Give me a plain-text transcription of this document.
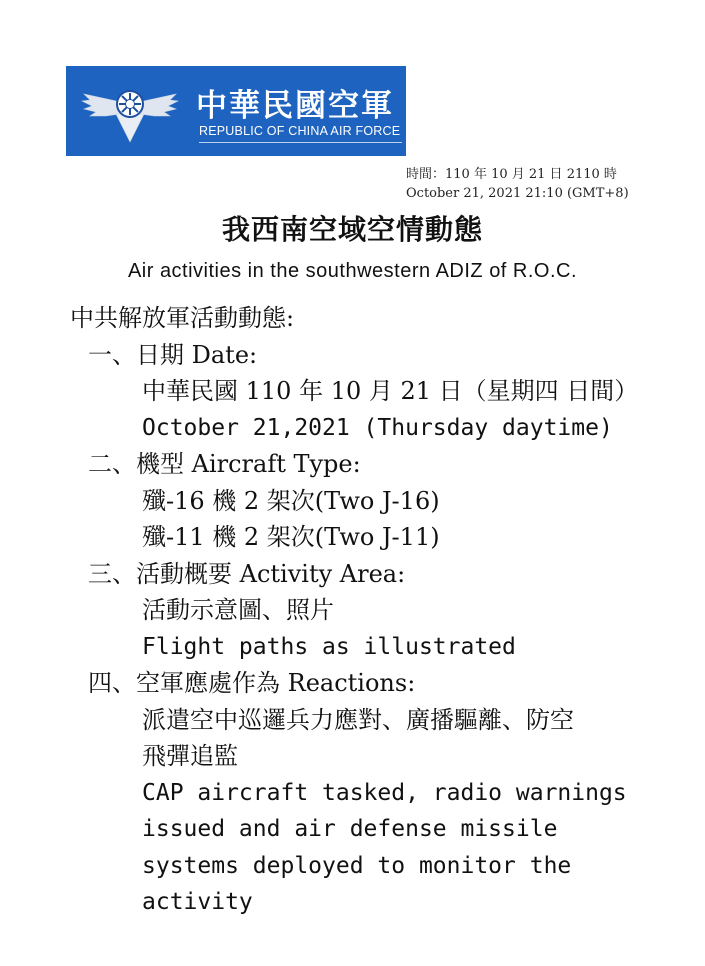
中華民國空軍
REPUBLIC OF CHINA AIR FORCE
時間：110 年 10 月 21 日 2110 時
October 21, 2021 21:10 (GMT+8)
我西南空域空情動態
Air activities in the southwestern ADIZ of R.O.C.
中共解放軍活動動態:
一、日期 Date:
中華民國 110 年 10 月 21 日（星期四 日間）
October 21,2021 (Thursday daytime)
二、機型 Aircraft Type:
殲-16 機 2 架次(Two J-16)
殲-11 機 2 架次(Two J-11)
三、活動概要 Activity Area:
活動示意圖、照片
Flight paths as illustrated
四、空軍應處作為 Reactions:
派遣空中巡邏兵力應對、廣播驅離、防空
飛彈追監
CAP aircraft tasked, radio warnings
issued and air defense missile
systems deployed to monitor the
activity
